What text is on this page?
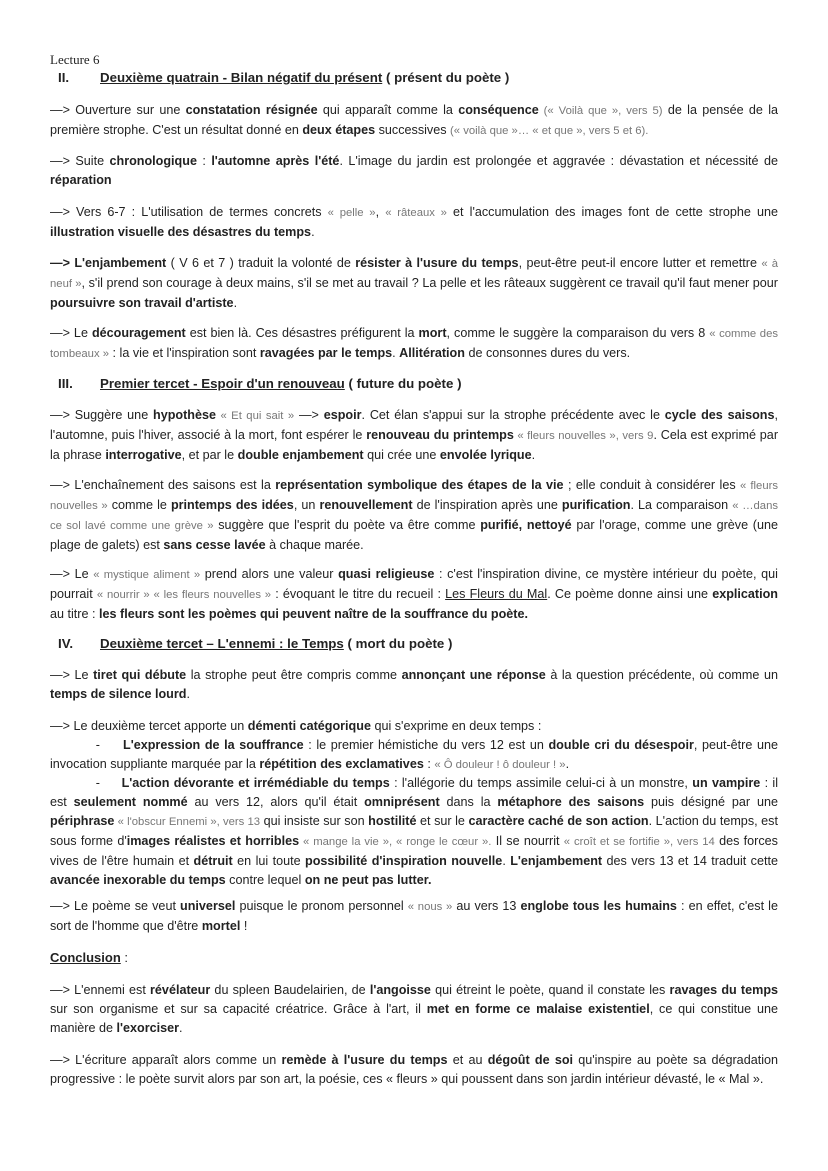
Lecture 6
II. Deuxième quatrain - Bilan négatif du présent ( présent du poète )
—> Ouverture sur une constatation résignée qui apparaît comme la conséquence (« Voilà que », vers 5) de la pensée de la première strophe. C'est un résultat donné en deux étapes successives (« voilà que »… « et que », vers 5 et 6).
—> Suite chronologique : l'automne après l'été. L'image du jardin est prolongée et aggravée : dévastation et nécessité de réparation
—> Vers 6-7 : L'utilisation de termes concrets « pelle », « râteaux » et l'accumulation des images font de cette strophe une illustration visuelle des désastres du temps.
—> L'enjambement ( V 6 et 7 ) traduit la volonté de résister à l'usure du temps, peut-être peut-il encore lutter et remettre « à neuf », s'il prend son courage à deux mains, s'il se met au travail ? La pelle et les râteaux suggèrent ce travail qu'il faut mener pour poursuivre son travail d'artiste.
—> Le découragement est bien là. Ces désastres préfigurent la mort, comme le suggère la comparaison du vers 8 « comme des tombeaux » : la vie et l'inspiration sont ravagées par le temps. Allitération de consonnes dures du vers.
III. Premier tercet - Espoir d'un renouveau ( future du poète )
—> Suggère une hypothèse « Et qui sait » —> espoir. Cet élan s'appui sur la strophe précédente avec le cycle des saisons, l'automne, puis l'hiver, associé à la mort, font espérer le renouveau du printemps « fleurs nouvelles », vers 9. Cela est exprimé par la phrase interrogative, et par le double enjambement qui crée une envolée lyrique.
—> L'enchaînement des saisons est la représentation symbolique des étapes de la vie ; elle conduit à considérer les « fleurs nouvelles » comme le printemps des idées, un renouvellement de l'inspiration après une purification. La comparaison « …dans ce sol lavé comme une grève » suggère que l'esprit du poète va être comme purifié, nettoyé par l'orage, comme une grève (une plage de galets) est sans cesse lavée à chaque marée.
—> Le « mystique aliment » prend alors une valeur quasi religieuse : c'est l'inspiration divine, ce mystère intérieur du poète, qui pourrait « nourrir » « les fleurs nouvelles » : évoquant le titre du recueil : Les Fleurs du Mal. Ce poème donne ainsi une explication au titre : les fleurs sont les poèmes qui peuvent naître de la souffrance du poète.
IV. Deuxième tercet – L'ennemi : le Temps ( mort du poète )
—> Le tiret qui débute la strophe peut être compris comme annonçant une réponse à la question précédente, où comme un temps de silence lourd.
—> Le deuxième tercet apporte un démenti catégorique qui s'exprime en deux temps :
- L'expression de la souffrance : le premier hémistiche du vers 12 est un double cri du désespoir, peut-être une invocation suppliante marquée par la répétition des exclamatives : « Ô douleur ! ô douleur ! ».
- L'action dévorante et irrémédiable du temps : l'allégorie du temps assimile celui-ci à un monstre, un vampire : il est seulement nommé au vers 12, alors qu'il était omniprésent dans la métaphore des saisons puis désigné par une périphrase « l'obscur Ennemi », vers 13 qui insiste sur son hostilité et sur le caractère caché de son action. L'action du temps, est sous forme d'images réalistes et horribles « mange la vie », « ronge le cœur ». Il se nourrit « croît et se fortifie », vers 14 des forces vives de l'être humain et détruit en lui toute possibilité d'inspiration nouvelle. L'enjambement des vers 13 et 14 traduit cette avancée inexorable du temps contre lequel on ne peut pas lutter.
—> Le poème se veut universel puisque le pronom personnel « nous » au vers 13 englobe tous les humains : en effet, c'est le sort de l'homme que d'être mortel !
Conclusion :
—> L'ennemi est révélateur du spleen Baudelairien, de l'angoisse qui étreint le poète, quand il constate les ravages du temps sur son organisme et sur sa capacité créatrice. Grâce à l'art, il met en forme ce malaise existentiel, ce qui constitue une manière de l'exorciser.
—> L'écriture apparaît alors comme un remède à l'usure du temps et au dégoût de soi qu'inspire au poète sa dégradation progressive : le poète survit alors par son art, la poésie, ces « fleurs » qui poussent dans son jardin intérieur dévasté, le « Mal ».
